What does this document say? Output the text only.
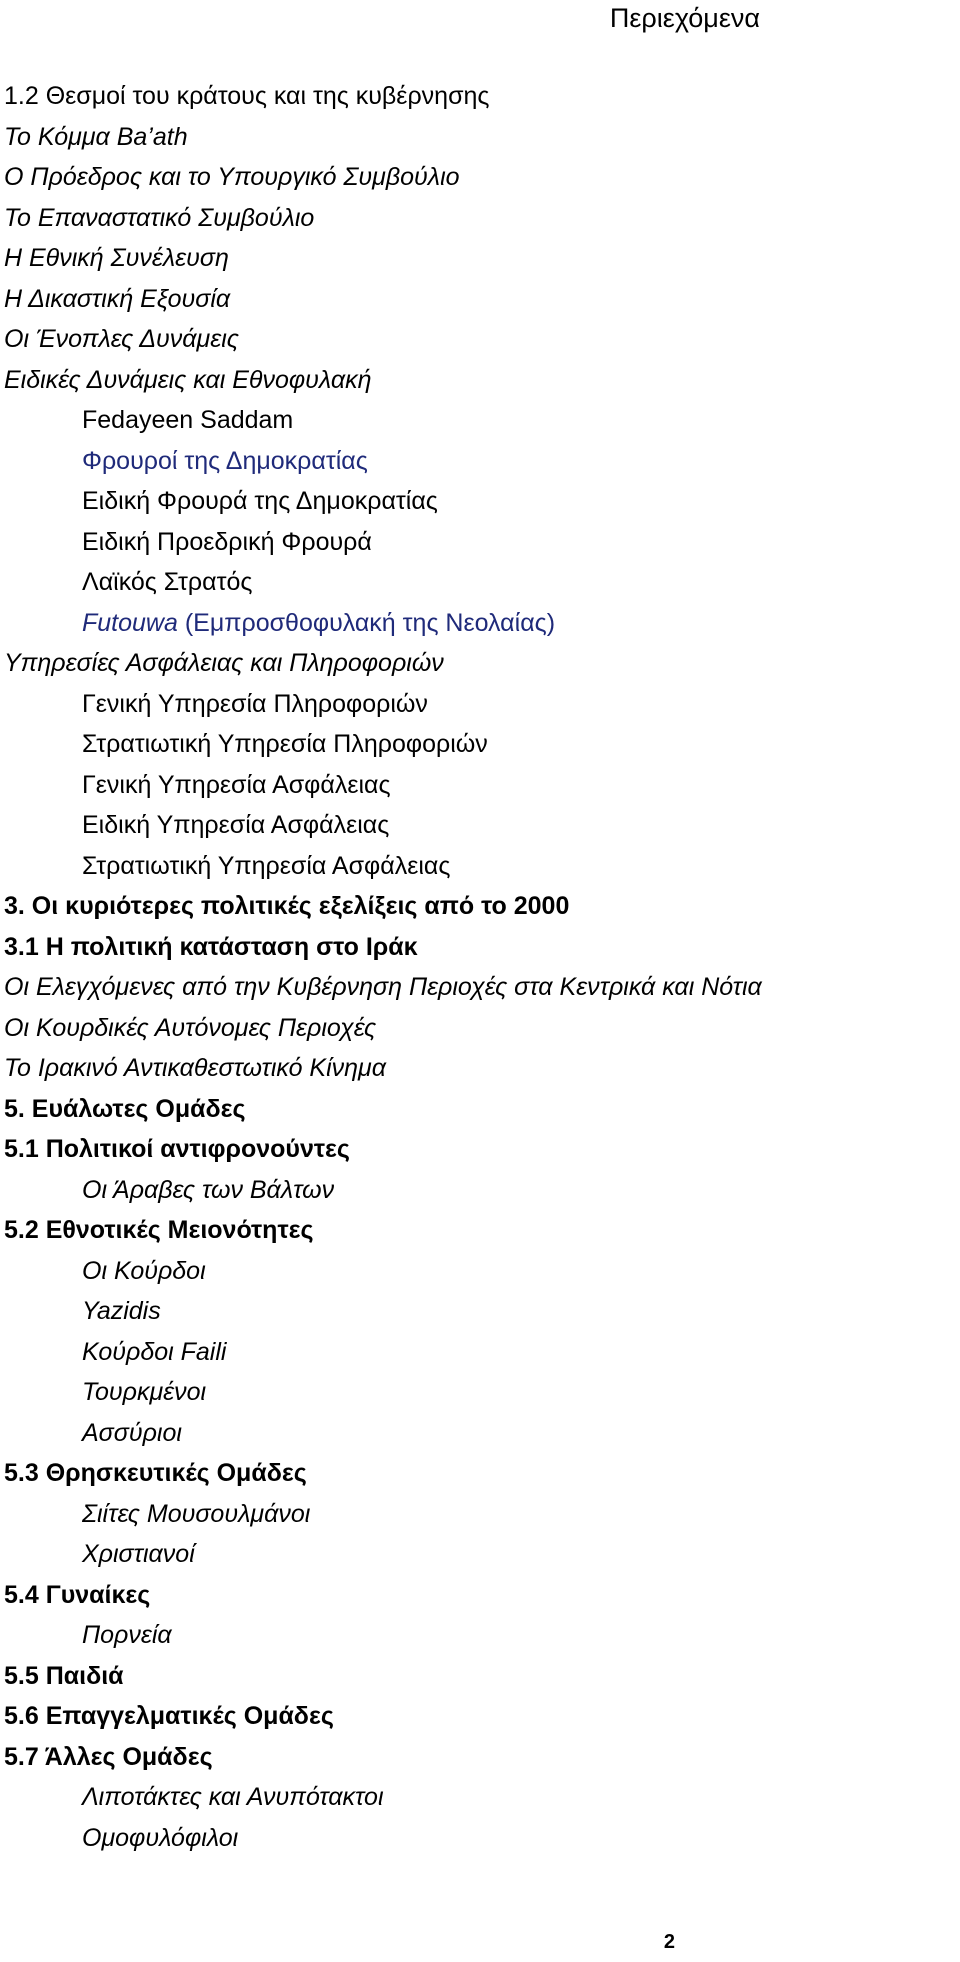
Περιεχόμενα
1.2 Θεσμοί του κράτους και της κυβέρνησης
Το Κόμμα Ba’ath
Ο Πρόεδρος και το Υπουργικό Συμβούλιο
Το Επαναστατικό Συμβούλιο
Η Εθνική Συνέλευση
Η Δικαστική Εξουσία
Οι Ένοπλες Δυνάμεις
Ειδικές Δυνάμεις και Εθνοφυλακή
Fedayeen Saddam
Φρουροί της Δημοκρατίας
Ειδική Φρουρά της Δημοκρατίας
Ειδική Προεδρική Φρουρά
Λαϊκός Στρατός
Futouwa (Εμπροσθοφυλακή της Νεολαίας)
Υπηρεσίες Ασφάλειας και Πληροφοριών
Γενική Υπηρεσία Πληροφοριών
Στρατιωτική Υπηρεσία Πληροφοριών
Γενική Υπηρεσία Ασφάλειας
Ειδική Υπηρεσία Ασφάλειας
Στρατιωτική Υπηρεσία Ασφάλειας
3. Οι κυριότερες πολιτικές εξελίξεις από το 2000
3.1 Η πολιτική κατάσταση στο Ιράκ
Οι Ελεγχόμενες από την Κυβέρνηση Περιοχές στα Κεντρικά και Νότια
Οι Κουρδικές Αυτόνομες Περιοχές
Το Ιρακινό Αντικαθεστωτικό Κίνημα
5. Ευάλωτες Ομάδες
5.1 Πολιτικοί αντιφρονούντες
Οι Άραβες των Βάλτων
5.2 Εθνοτικές Μειονότητες
Οι Κούρδοι
Yazidis
Κούρδοι Faili
Τουρκμένοι
Ασσύριοι
5.3 Θρησκευτικές Ομάδες
Σιίτες Μουσουλμάνοι
Χριστιανοί
5.4 Γυναίκες
Πορνεία
5.5 Παιδιά
5.6 Επαγγελματικές Ομάδες
5.7 Άλλες Ομάδες
Λιποτάκτες και Ανυπότακτοι
Ομοφυλόφιλοι
2
